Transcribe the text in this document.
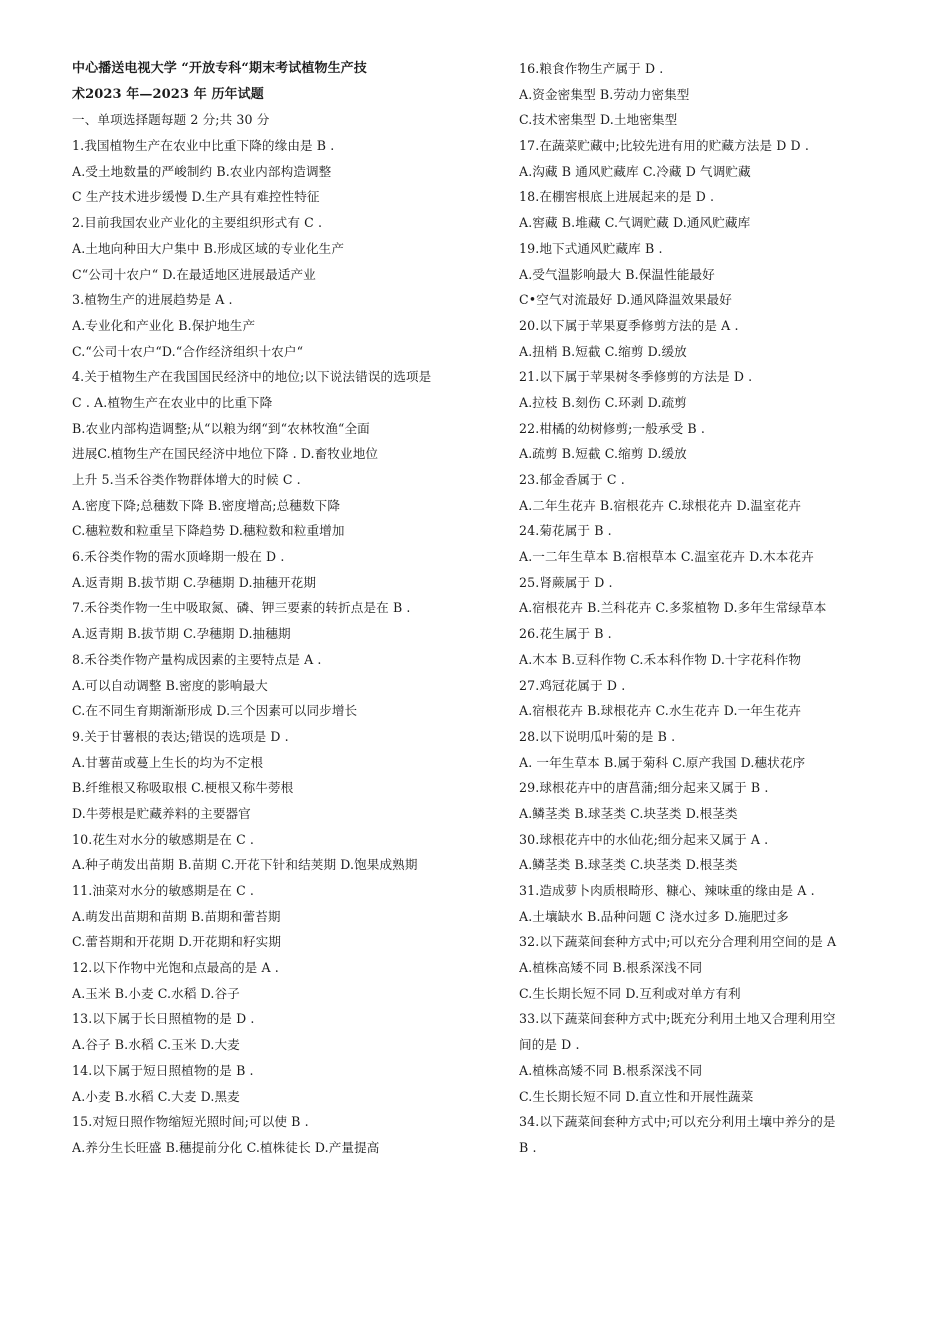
中心播送电视大学 “开放专科“期末考试植物生产技
术2023 年—2023 年 历年试题
一、单项选择题每题 2 分;共 30 分
1.我国植物生产在农业中比重下降的缘由是 B .
A.受土地数量的严峻制约 B.农业内部构造调整
C 生产技术进步缓慢 D.生产具有难控性特征
2.目前我国农业产业化的主要组织形式有 C .
A.土地向种田大户集中 B.形成区域的专业化生产
C“公司十农户“ D.在最适地区进展最适产业
3.植物生产的进展趋势是 A .
A.专业化和产业化 B.保护地生产
C.“公司十农户“D.“合作经济组织十农户“
4.关于植物生产在我国国民经济中的地位;以下说法错误的选项是
C . A.植物生产在农业中的比重下降
B.农业内部构造调整;从“以粮为纲“到“农林牧渔“全面
进展C.植物生产在国民经济中地位下降 . D.畜牧业地位
上升 5.当禾谷类作物群体增大的时候 C .
A.密度下降;总穗数下降 B.密度增高;总穗数下降
C.穗粒数和粒重呈下降趋势 D.穗粒数和粒重增加
6.禾谷类作物的需水顶峰期一般在 D .
A.返青期 B.拔节期 C.孕穗期 D.抽穗开花期
7.禾谷类作物一生中吸取氮、磷、钾三要素的转折点是在 B .
A.返青期 B.拔节期 C.孕穗期 D.抽穗期
8.禾谷类作物产量构成因素的主要特点是 A .
A.可以自动调整 B.密度的影响最大
C.在不同生育期渐渐形成 D.三个因素可以同步增长
9.关于甘薯根的表达;错误的选项是 D .
A.甘薯苗或蔓上生长的均为不定根
B.纤维根又称吸取根 C.梗根又称牛蒡根
D.牛蒡根是贮藏养料的主要器官
10.花生对水分的敏感期是在 C .
A.种子萌发出苗期 B.苗期 C.开花下针和结荚期 D.饱果成熟期
11.油菜对水分的敏感期是在 C .
A.萌发出苗期和苗期 B.苗期和蕾苔期
C.蕾苔期和开花期 D.开花期和籽实期
12.以下作物中光饱和点最高的是 A .
A.玉米 B.小麦 C.水稻 D.谷子
13.以下属于长日照植物的是 D .
A.谷子 B.水稻 C.玉米 D.大麦
14.以下属于短日照植物的是 B .
A.小麦 B.水稻 C.大麦 D.黑麦
15.对短日照作物缩短光照时间;可以使 B .
A.养分生长旺盛 B.穗提前分化 C.植株徒长 D.产量提高
16.粮食作物生产属于 D .
A.资金密集型 B.劳动力密集型
C.技术密集型 D.土地密集型
17.在蔬菜贮藏中;比较先进有用的贮藏方法是 D D .
A.沟藏 B 通风贮藏库 C.冷藏 D 气调贮藏
18.在棚窖根底上进展起来的是 D .
A.窖藏 B.堆藏 C.气调贮藏 D.通风贮藏库
19.地下式通风贮藏库 B .
A.受气温影响最大 B.保温性能最好
C•空气对流最好 D.通风降温效果最好
20.以下属于苹果夏季修剪方法的是 A .
A.扭梢 B.短截 C.缩剪 D.缓放
21.以下属于苹果树冬季修剪的方法是 D .
A.拉枝 B.刻伤 C.环剥 D.疏剪
22.柑橘的幼树修剪;一般承受 B .
A.疏剪 B.短截 C.缩剪 D.缓放
23.郁金香属于 C .
A.二年生花卉 B.宿根花卉 C.球根花卉 D.温室花卉
24.菊花属于 B .
A.一二年生草本 B.宿根草本 C.温室花卉 D.木本花卉
25.肾蕨属于 D .
A.宿根花卉 B.兰科花卉 C.多浆植物 D.多年生常绿草本
26.花生属于 B .
A.木本 B.豆科作物 C.禾本科作物 D.十字花科作物
27.鸡冠花属于 D .
A.宿根花卉 B.球根花卉 C.水生花卉 D.一年生花卉
28.以下说明瓜叶菊的是 B .
A. 一年生草本 B.属于菊科 C.原产我国 D.穗状花序
29.球根花卉中的唐菖蒲;细分起来又属于 B .
A.鳞茎类 B.球茎类 C.块茎类 D.根茎类
30.球根花卉中的水仙花;细分起来又属于 A .
A.鳞茎类 B.球茎类 C.块茎类 D.根茎类
31.造成萝卜肉质根畸形、糠心、辣味重的缘由是 A .
A.土壤缺水 B.品种问题 C 浇水过多 D.施肥过多
32.以下蔬菜间套种方式中;可以充分合理利用空间的是 A
A.植株高矮不同 B.根系深浅不同
C.生长期长短不同 D.互利或对单方有利
33.以下蔬菜间套种方式中;既充分利用土地又合理利用空
间的是 D .
A.植株高矮不同 B.根系深浅不同
C.生长期长短不同 D.直立性和开展性蔬菜
34.以下蔬菜间套种方式中;可以充分利用土壤中养分的是
B .
